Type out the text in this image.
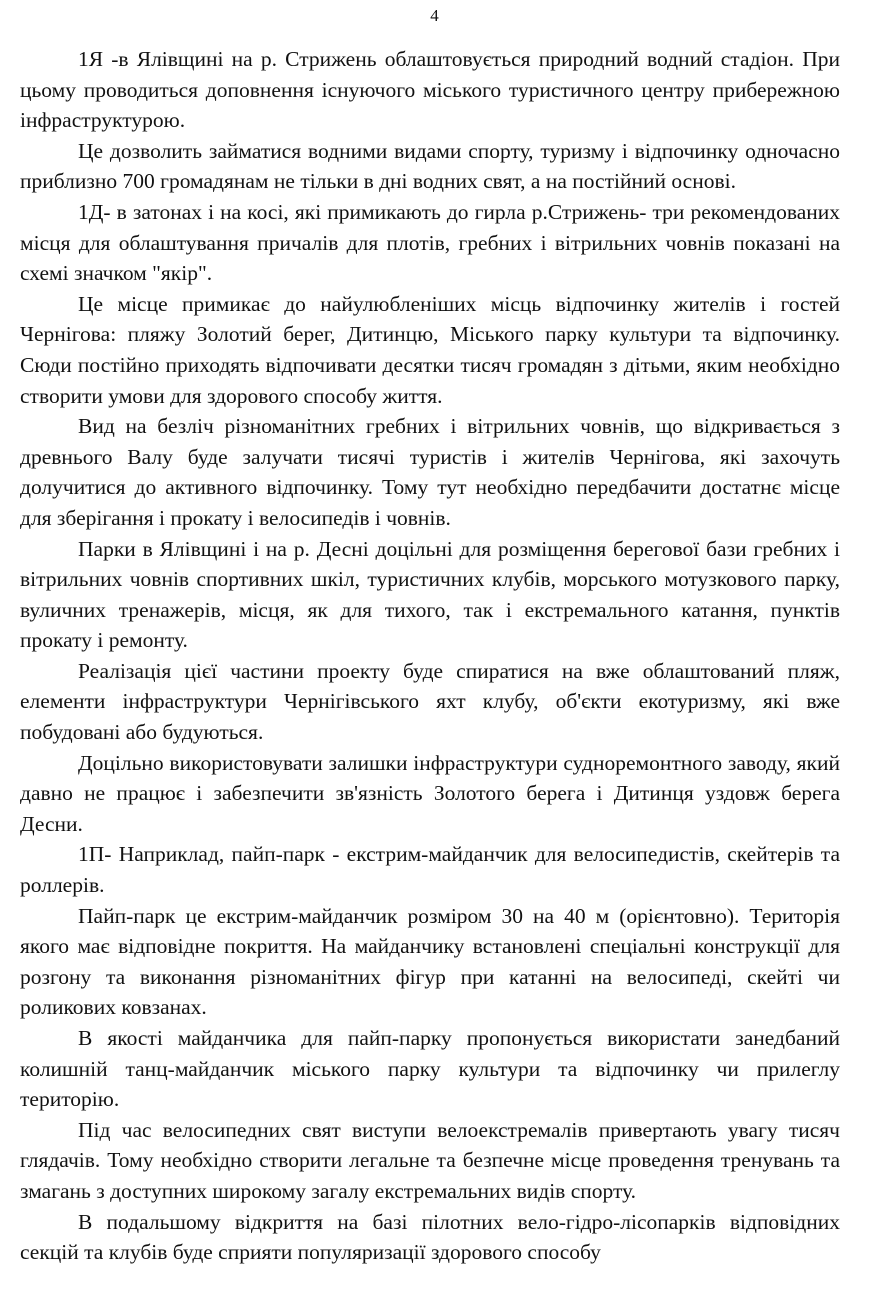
4

1Я -в Ялівщині на р. Стрижень облаштовується природний водний стадіон. При цьому проводиться доповнення існуючого міського туристичного центру прибережною інфраструктурою.

Це дозволить займатися водними видами спорту, туризму і відпочинку одночасно приблизно 700 громадянам не тільки в дні водних свят, а на постійний основі.

1Д- в затонах і на косі, які примикають до гирла р.Стрижень- три рекомендованих місця для облаштування причалів для плотів, гребних і вітрильних човнів показані на схемі значком "якір".

Це місце примикає до найулюбленіших місць відпочинку жителів і гостей Чернігова: пляжу Золотий берег, Дитинцю, Міського парку культури та відпочинку. Сюди постійно приходять відпочивати десятки тисяч громадян з дітьми, яким необхідно створити умови для здорового способу життя.

Вид на безліч різноманітних гребних і вітрильних човнів, що відкривається з древнього Валу буде залучати тисячі туристів і жителів Чернігова, які захочуть долучитися до активного відпочинку. Тому тут необхідно передбачити достатнє місце для зберігання і прокату і велосипедів і човнів.

Парки в Ялівщині і на р. Десні доцільні для розміщення берегової бази гребних і вітрильних човнів спортивних шкіл, туристичних клубів, морського мотузкового парку, вуличних тренажерів, місця, як для тихого, так і екстремального катання, пунктів прокату і ремонту.

Реалізація цієї частини проекту буде спиратися на вже облаштований пляж, елементи інфраструктури Чернігівського яхт клубу, об'єкти екотуризму, які вже побудовані або будуються.

Доцільно використовувати залишки інфраструктури судноремонтного заводу, який давно не працює і забезпечити зв'язність Золотого берега і Дитинця уздовж берега Десни.

1П- Наприклад, пайп-парк - екстрим-майданчик для велосипедистів, скейтерів та роллерів.

Пайп-парк це екстрим-майданчик розміром 30 на 40 м (орієнтовно). Територія якого має відповідне покриття. На майданчику встановлені спеціальні конструкції для розгону та виконання різноманітних фігур при катанні на велосипеді, скейті чи роликових ковзанах.

В якості майданчика для пайп-парку пропонується використати занедбаний колишній танц-майданчик міського парку культури та відпочинку чи прилеглу територію.

Під час велосипедних свят виступи велоекстремалів привертають увагу тисяч глядачів. Тому необхідно створити легальне та безпечне місце проведення тренувань та змагань з доступних широкому загалу екстремальних видів спорту.

В подальшому відкриття на базі пілотних вело-гідро-лісопарків відповідних секцій та клубів буде сприяти популяризації здорового способу
